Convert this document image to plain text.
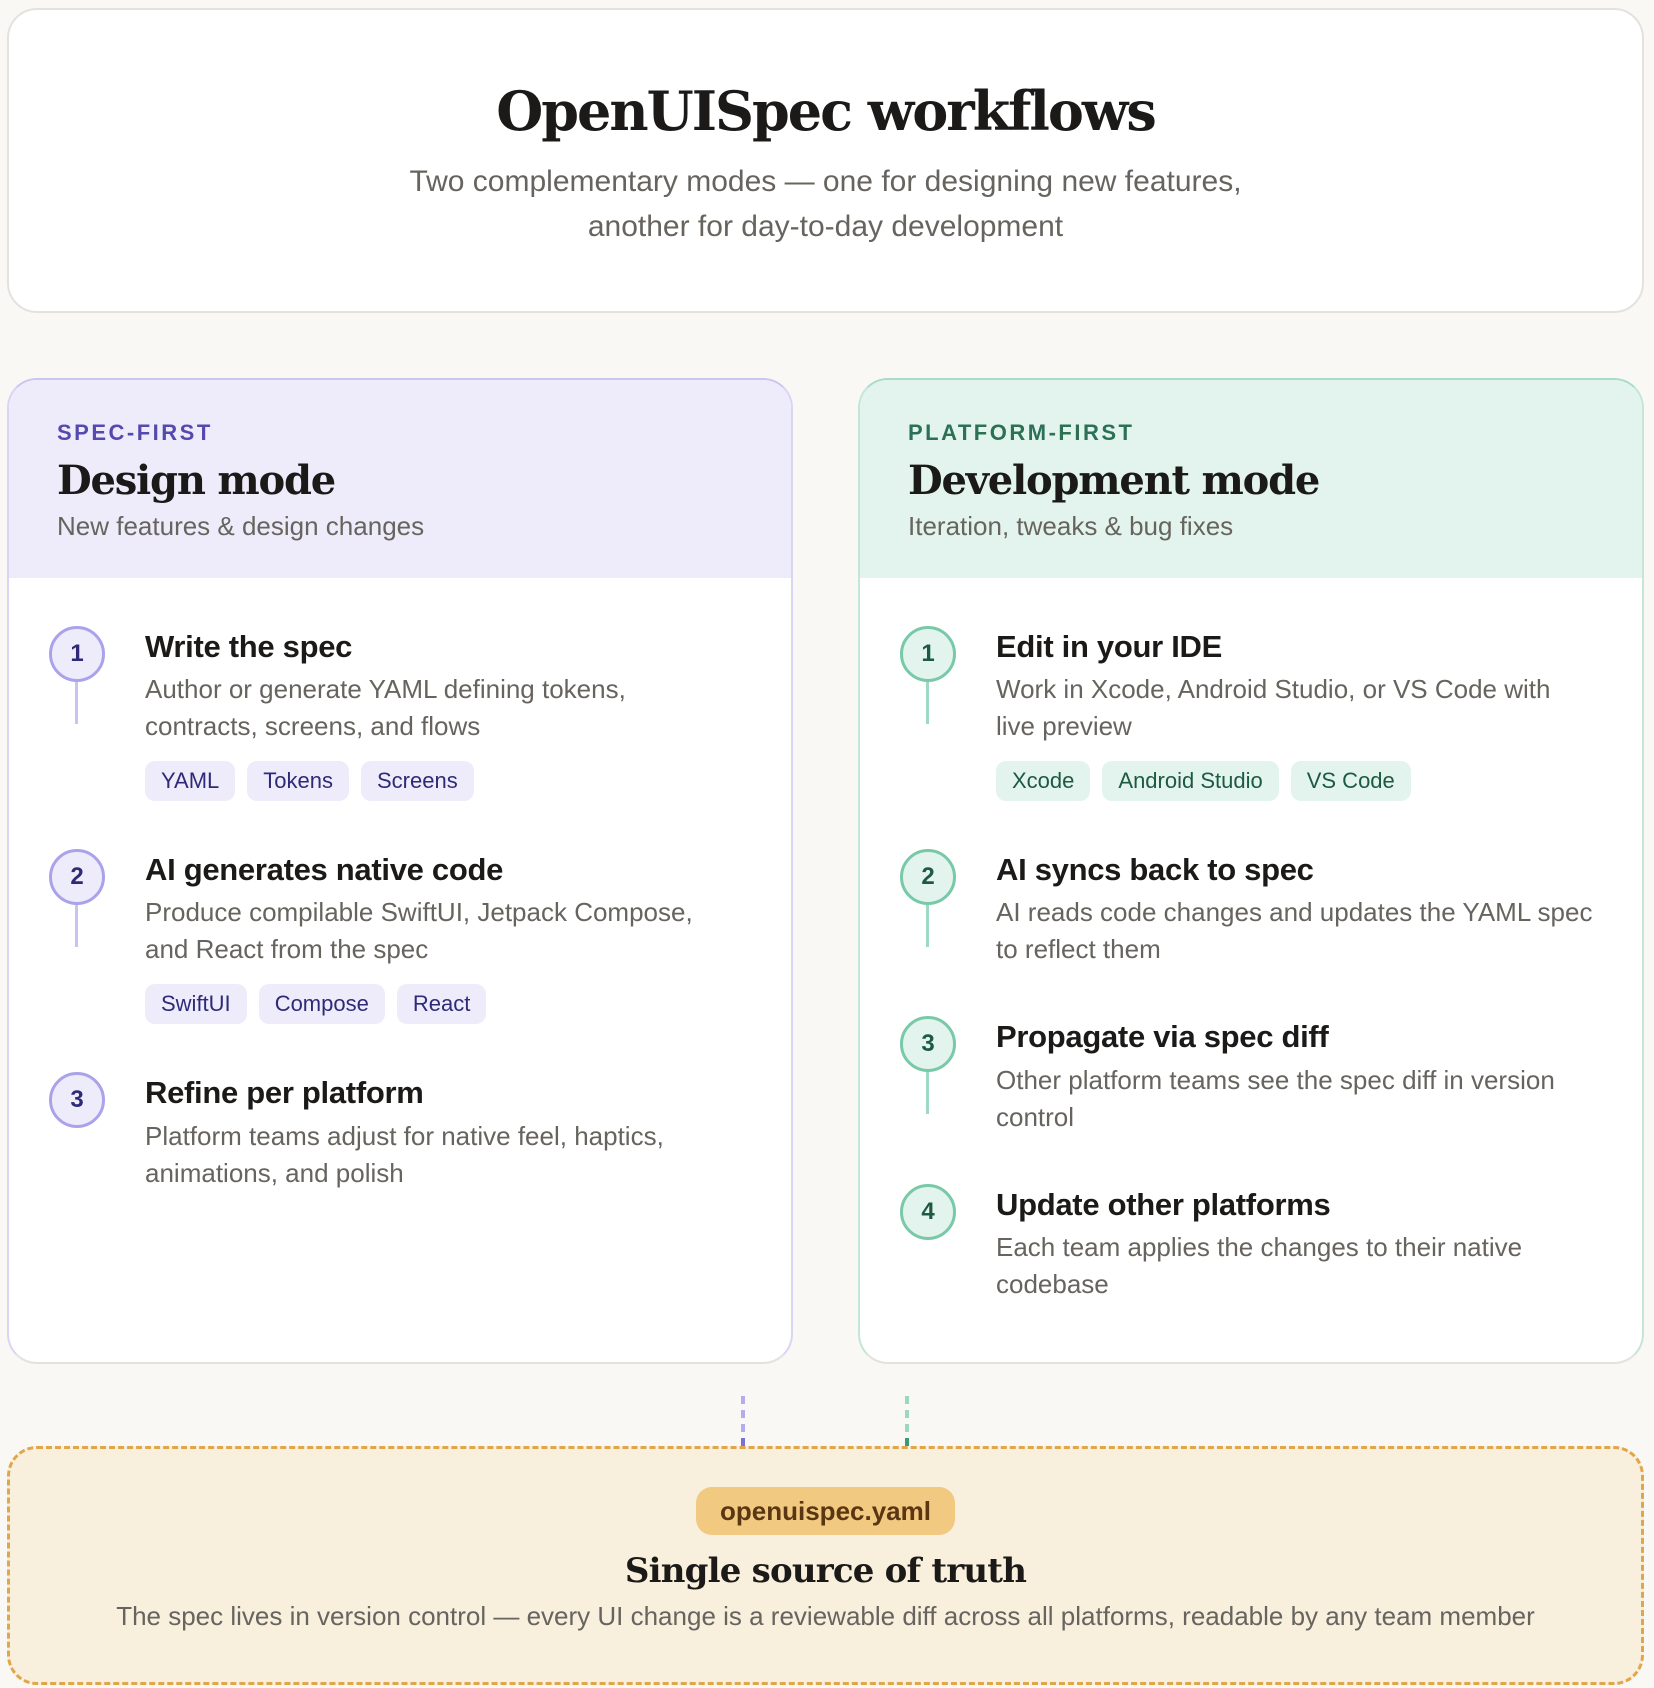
OpenUISpec workflows

Two complementary modes — one for designing new features, another for day-to-day development

SPEC-FIRST
Design mode

New features & design changes

1	Write the spec
Author or generate YAML defining tokens, contracts, screens, and flows
YAML	Tokens	Screens
2	AI generates native code
Produce compilable SwiftUI, Jetpack Compose, and React from the spec
SwiftUI	Compose	React
3	Refine per platform
Platform teams adjust for native feel, haptics, animations, and polish
PLATFORM-FIRST
Development mode

Iteration, tweaks & bug fixes

1	Edit in your IDE
Work in Xcode, Android Studio, or VS Code with live preview
Xcode	Android Studio	VS Code
2	AI syncs back to spec
AI reads code changes and updates the YAML spec to reflect them
3	Propagate via spec diff
Other platform teams see the spec diff in version control
4	Update other platforms
Each team applies the changes to their native codebase
openuispec.yaml
Single source of truth

The spec lives in version control — every UI change is a reviewable diff across all platforms, readable by any team member
